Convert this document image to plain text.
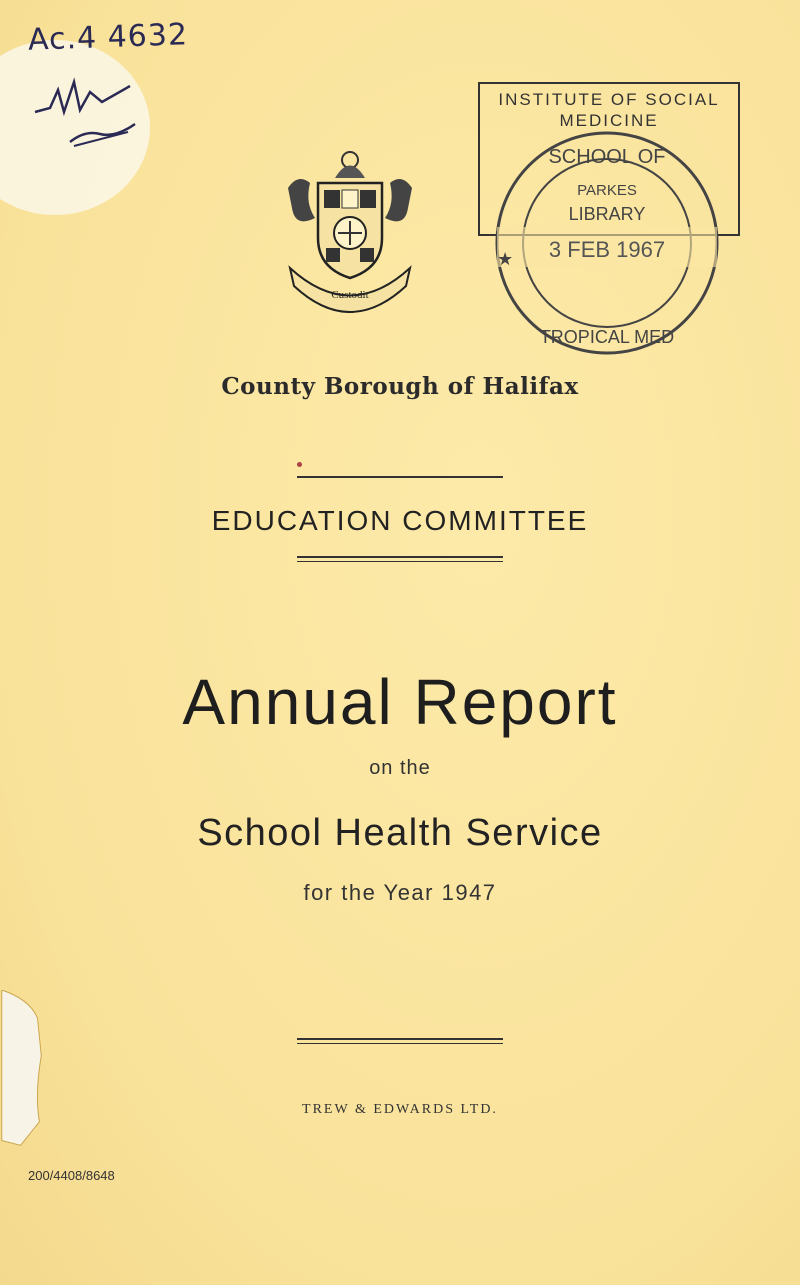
Ac.4 4632
Custodit
INSTITUTE OF SOCIAL
MEDICINE
SCHOOL OF
PARKES
LIBRARY
3 FEB 1967
TROPICAL MED
★
County Borough of Halifax
EDUCATION COMMITTEE
Annual Report
on the
School Health Service
for the Year 1947
TREW & EDWARDS LTD.
200/4408/8648
